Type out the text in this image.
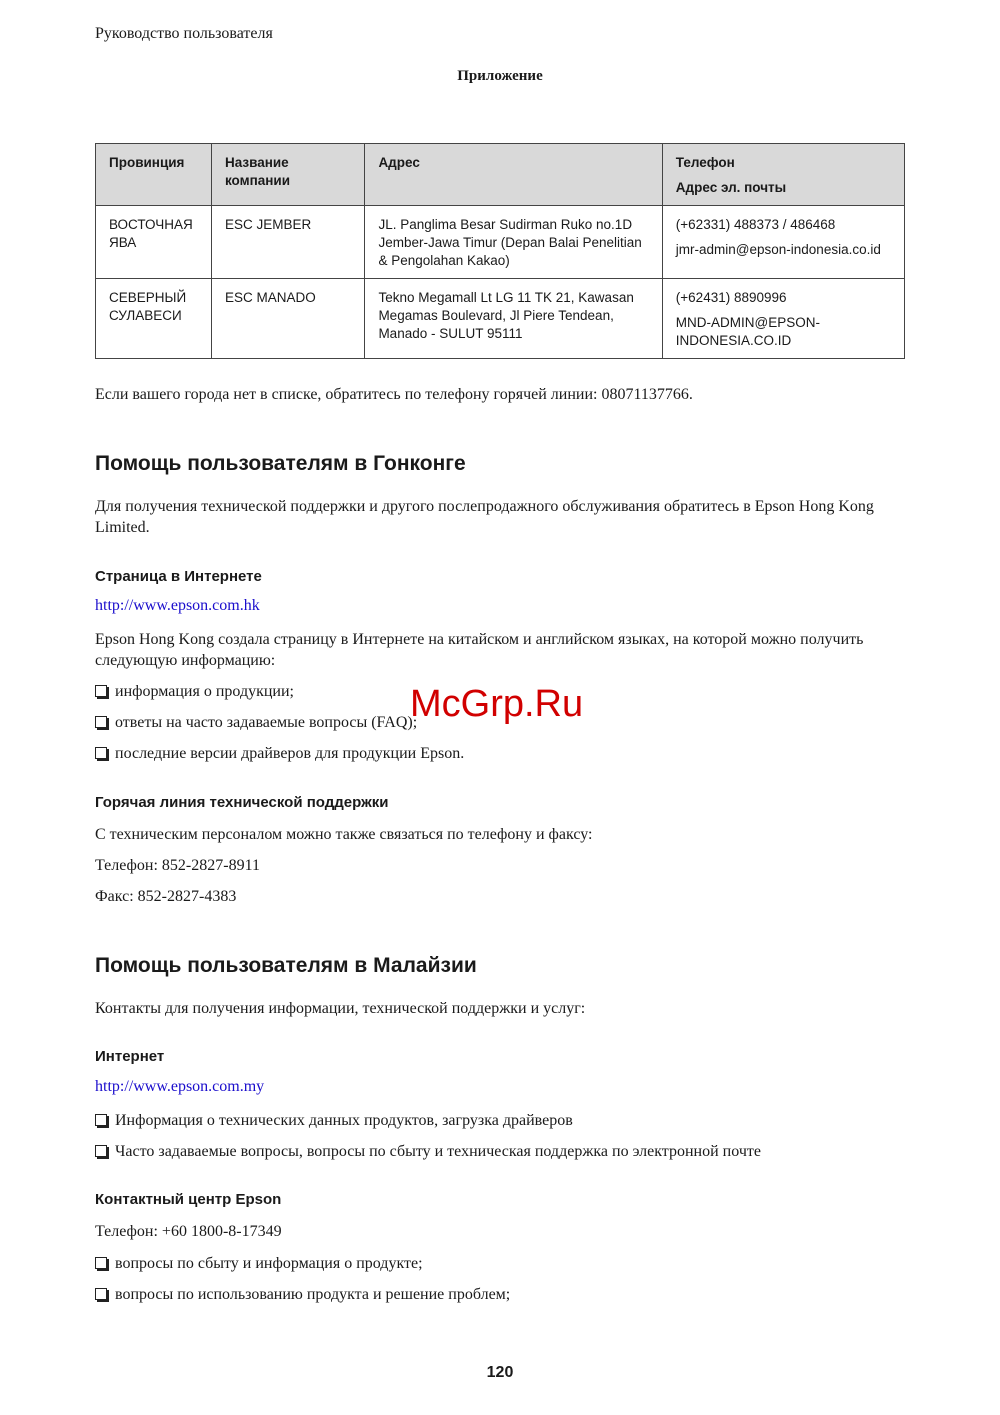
Руководство пользователя
Приложение
Провинция	Название компании	Адрес	Телефон
Адрес эл. почты

ВОСТОЧНАЯ ЯВА	ESC JEMBER	JL. Panglima Besar Sudirman Ruko no.1D Jember-Jawa Timur (Depan Balai Penelitian & Pengolahan Kakao)	(+62331) 488373 / 486468
jmr-admin@epson-indonesia.co.id

СЕВЕРНЫЙ СУЛАВЕСИ	ESC MANADO	Tekno Megamall Lt LG 11 TK 21, Kawasan Megamas Boulevard, Jl Piere Tendean, Manado - SULUT 95111	(+62431) 8890996
MND-ADMIN@EPSON-INDONESIA.CO.ID
Если вашего города нет в списке, обратитесь по телефону горячей линии: 08071137766.
Помощь пользователям в Гонконге
Для получения технической поддержки и другого послепродажного обслуживания обратитесь в Epson Hong Kong Limited.
Страница в Интернете
http://www.epson.com.hk
Epson Hong Kong создала страницу в Интернете на китайском и английском языках, на которой можно получить следующую информацию:
информация о продукции;
ответы на часто задаваемые вопросы (FAQ);
последние версии драйверов для продукции Epson.
Горячая линия технической поддержки
С техническим персоналом можно также связаться по телефону и факсу:
Телефон: 852-2827-8911
Факс: 852-2827-4383
Помощь пользователям в Малайзии
Контакты для получения информации, технической поддержки и услуг:
Интернет
http://www.epson.com.my
Информация о технических данных продуктов, загрузка драйверов
Часто задаваемые вопросы, вопросы по сбыту и техническая поддержка по электронной почте
Контактный центр Epson
Телефон: +60 1800-8-17349
вопросы по сбыту и информация о продукте;
вопросы по использованию продукта и решение проблем;
McGrp.Ru
120
